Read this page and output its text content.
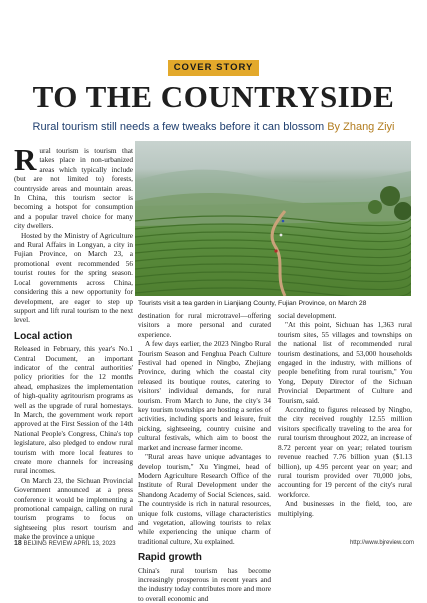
COVER STORY
TO THE COUNTRYSIDE
Rural tourism still needs a few tweaks before it can blossom By Zhang Ziyi

Rural tourism is tourism that takes place in non-urbanized areas which typically include (but are not limited to) forests, countryside areas and mountain areas. In China, this tourism sector is becoming a hotspot for consumption and a popular travel choice for many city dwellers.

Hosted by the Ministry of Agriculture and Rural Affairs in Longyan, a city in Fujian Province, on March 23, a promotional event recommended 56 tourist routes for the spring season. Local governments across China, considering this a new opportunity for development, are eager to step up support and lift rural tourism to the next level.

Local action

Released in February, this year's No.1 Central Document, an important indicator of the central authorities' policy priorities for the 12 months ahead, emphasizes the implementation of high-quality agritourism programs as well as the upgrade of rural homestays. In March, the government work report approved at the First Session of the 14th National People's Congress, China's top legislature, also pledged to endow rural tourism with more local features to create more channels for increasing rural incomes.

On March 23, the Sichuan Provincial Government announced at a press conference it would be implementing a promotional campaign, calling on rural tourism programs to focus on sightseeing plus resort tourism and make the province a unique

Tourists visit a tea garden in Lianjiang County, Fujian Province, on March 28

destination for rural microtravel—offering visitors a more personal and curated experience.

A few days earlier, the 2023 Ningbo Rural Tourism Season and Fenghua Peach Culture Festival had opened in Ningbo, Zhejiang Province, during which the coastal city released its boutique routes, catering to visitors' individual demands, for rural tourism. From March to June, the city's 34 key tourism townships are hosting a series of activities, including sports and leisure, fruit picking, sightseeing, country cuisine and cultural festivals, which aim to boost the market and increase farmer income.

"Rural areas have unique advantages to develop tourism," Xu Yingmei, head of Modern Agriculture Research Office of the Institute of Rural Development under the Shandong Academy of Social Sciences, said. The countryside is rich in natural resources, unique folk customs, village characteristics and vegetation, allowing tourists to relax while experiencing the unique charm of traditional culture, Xu explained.

Rapid growth

China's rural tourism has become increasingly prosperous in recent years and the industry today contributes more and more to overall economic and

social development.

"At this point, Sichuan has 1,363 rural tourism sites, 55 villages and townships on the national list of recommended rural tourism destinations, and 53,000 households engaged in the industry, with millions of people benefiting from rural tourism," You Yong, Deputy Director of the Sichuan Provincial Department of Culture and Tourism, said.

According to figures released by Ningbo, the city received roughly 12.55 million visitors specifically traveling to the area for rural tourism throughout 2022, an increase of 8.72 percent year on year; related tourism revenue reached 7.76 billion yuan ($1.13 billion), up 4.95 percent year on year; and rural tourism provided over 70,000 jobs, accounting for 19 percent of the city's rural workforce.

And businesses in the field, too, are multiplying.

18 BEIJING REVIEW APRIL 13, 2023	http://www.bjreview.com
